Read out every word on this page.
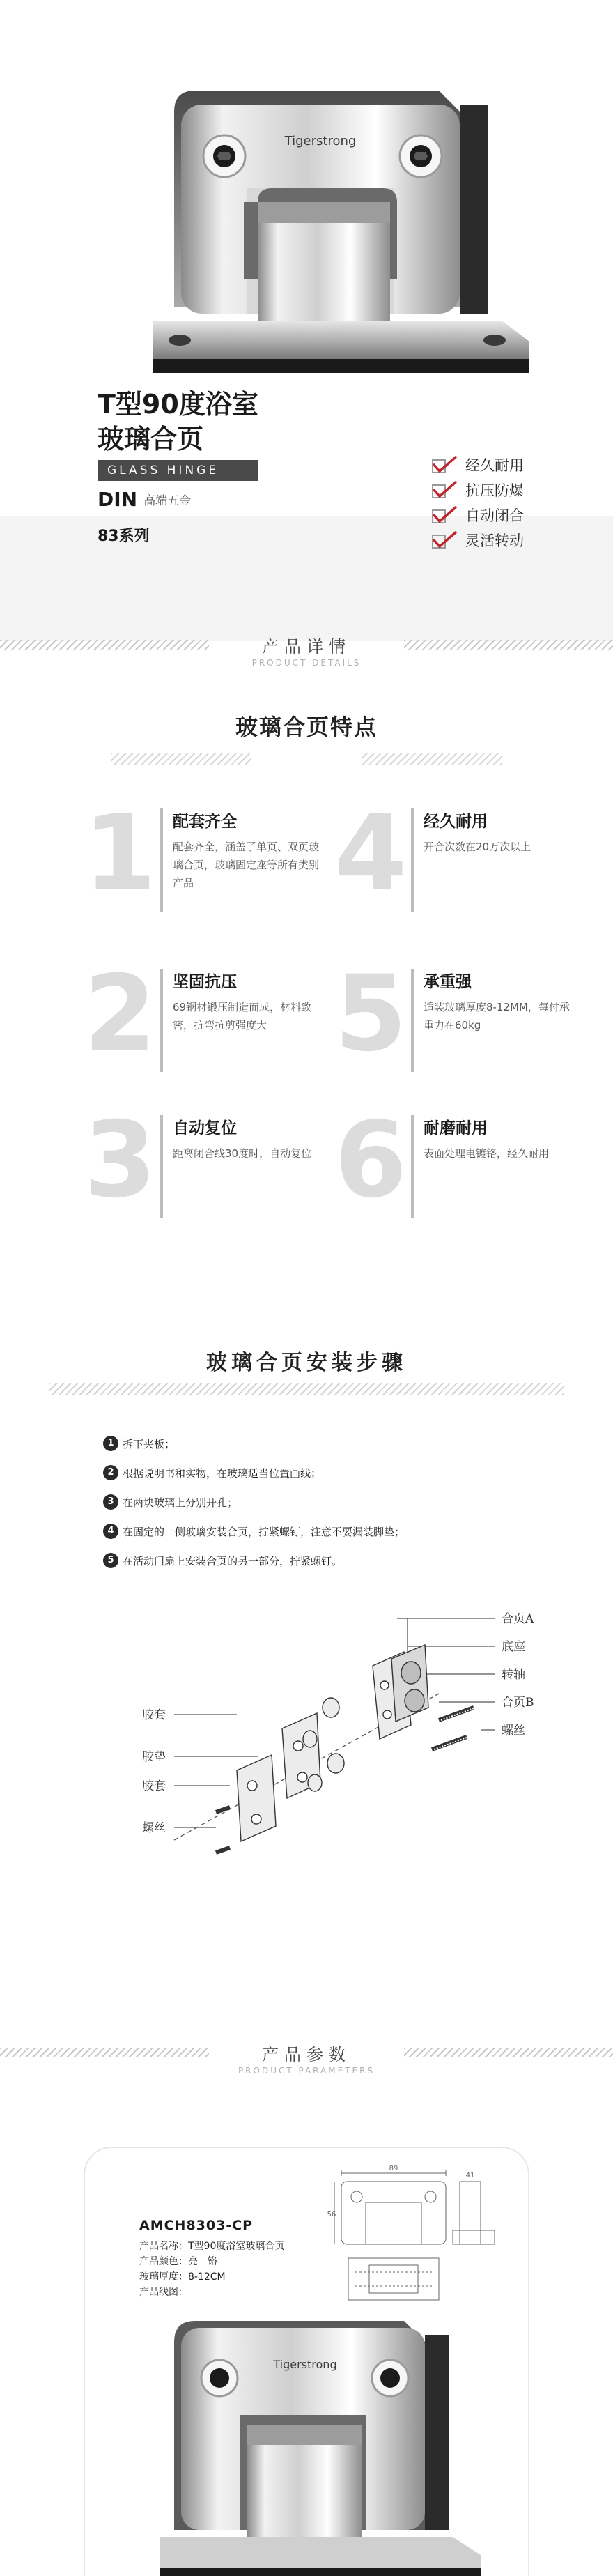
Tigerstrong
T型90度浴室
玻璃合页
GLASS HINGE
DIN 高端五金
83系列
经久耐用
抗压防爆
自动闭合
灵活转动
产品详情
PRODUCT DETAILS
玻璃合页特点
1 配套齐全
配套齐全，涵盖了单页、双页玻璃合页，玻璃固定座等所有类别产品	4 经久耐用
开合次数在20万次以上
2 坚固抗压
69钢材锻压制造而成，材料致密，抗弯抗剪强度大 5 承重强
适装玻璃厚度8-12MM，每付承重力在60kg
3 自动复位
距离闭合线30度时，自动复位 6 耐磨耐用
表面处理电镀铬，经久耐用
玻璃合页安装步骤
1 拆下夹板；
2 根据说明书和实物，在玻璃适当位置画线；
3 在两块玻璃上分别开孔；
4 在固定的一侧玻璃安装合页，拧紧螺钉，注意不要漏装脚垫；
5 在活动门扇上安装合页的另一部分，拧紧螺钉。
合页A
底座
转轴
合页B
螺丝
胶套
胶垫
胶套
螺丝
产品参数
PRODUCT PARAMETERS
AMCH8303-CP
产品名称：T型90度浴室玻璃合页
产品颜色：亮　铬
玻璃厚度：8-12CM
产品线图：
89
41
56
Tigerstrong
